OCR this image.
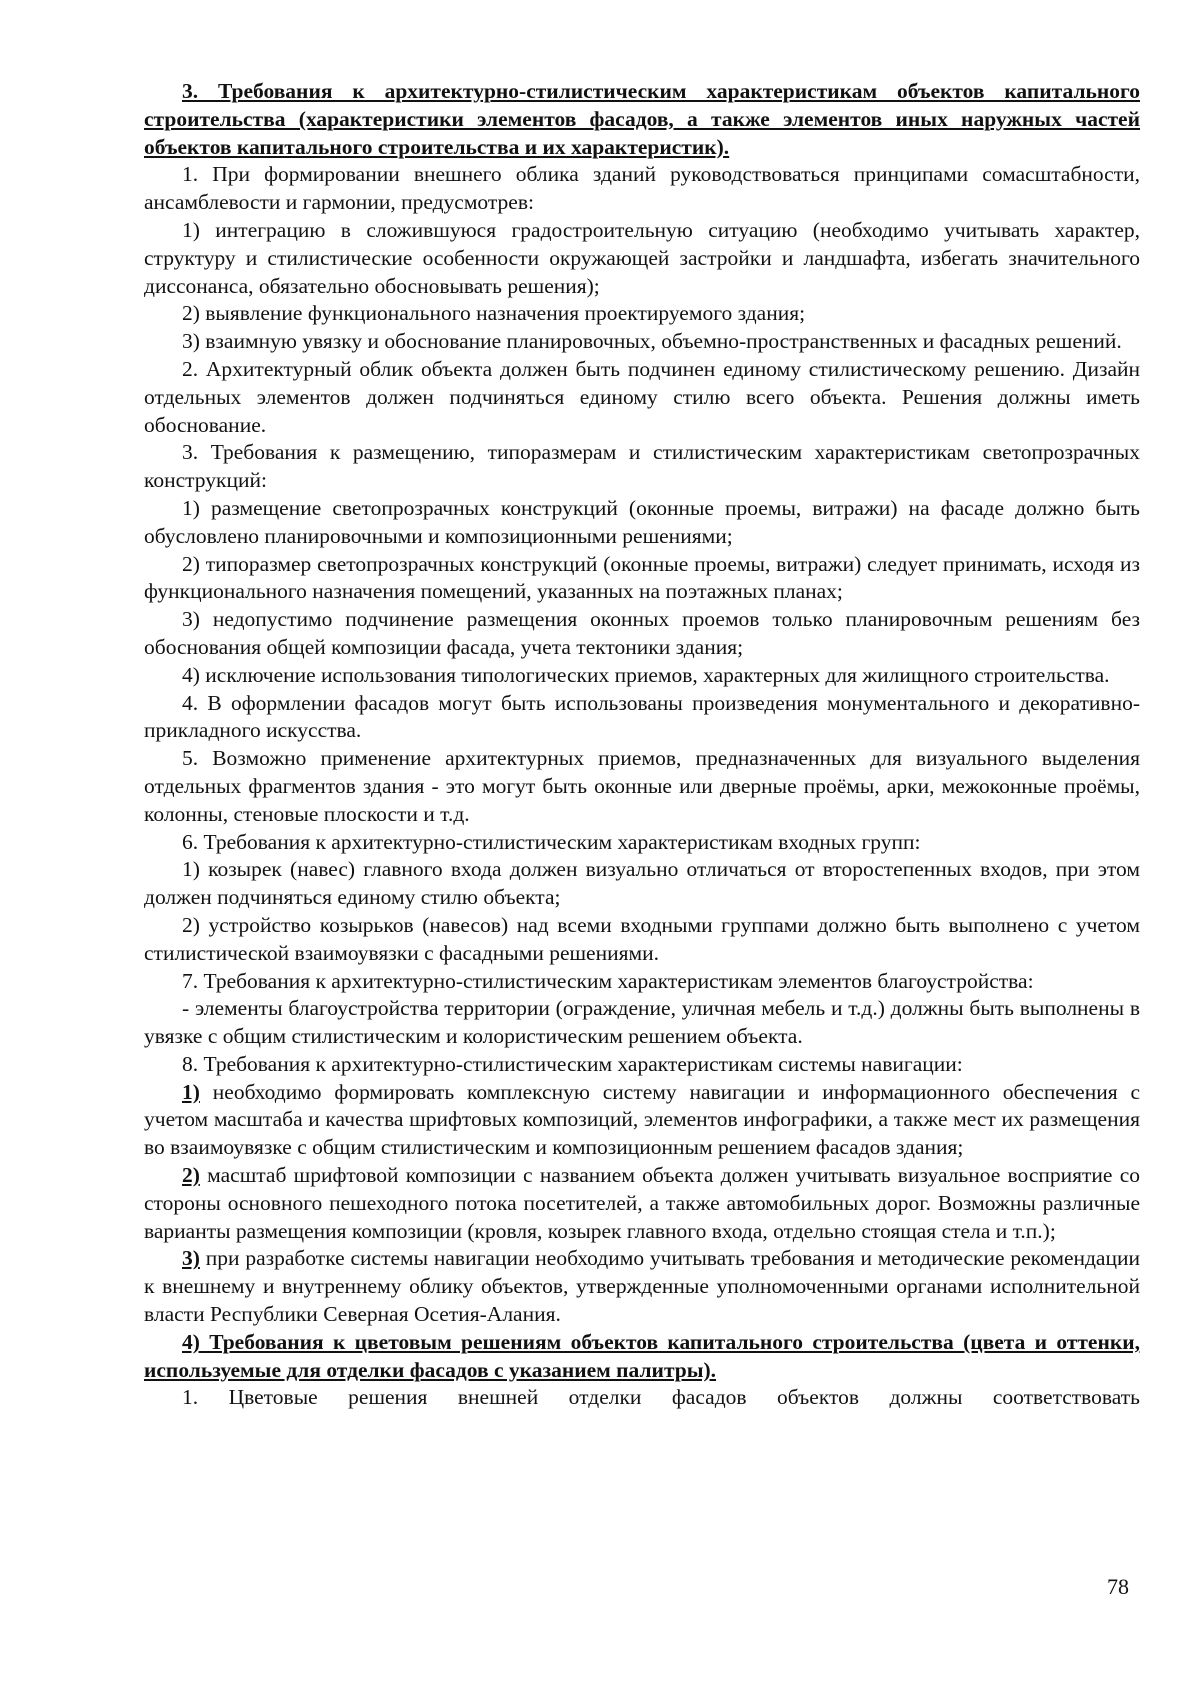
3. Требования к архитектурно-стилистическим характеристикам объектов капитального строительства (характеристики элементов фасадов, а также элементов иных наружных частей объектов капитального строительства и их характеристик).

1. При формировании внешнего облика зданий руководствоваться принципами сомасштабности, ансамблевости и гармонии, предусмотрев:

1) интеграцию в сложившуюся градостроительную ситуацию (необходимо учитывать характер, структуру и стилистические особенности окружающей застройки и ландшафта, избегать значительного диссонанса, обязательно обосновывать решения);

2) выявление функционального назначения проектируемого здания;

3) взаимную увязку и обоснование планировочных, объемно-пространственных и фасадных решений.

2. Архитектурный облик объекта должен быть подчинен единому стилистическому решению. Дизайн отдельных элементов должен подчиняться единому стилю всего объекта. Решения должны иметь обоснование.

3. Требования к размещению, типоразмерам и стилистическим характеристикам светопрозрачных конструкций:

1) размещение светопрозрачных конструкций (оконные проемы, витражи) на фасаде должно быть обусловлено планировочными и композиционными решениями;

2) типоразмер светопрозрачных конструкций (оконные проемы, витражи) следует принимать, исходя из функционального назначения помещений, указанных на поэтажных планах;

3) недопустимо подчинение размещения оконных проемов только планировочным решениям без обоснования общей композиции фасада, учета тектоники здания;

4) исключение использования типологических приемов, характерных для жилищного строительства.

4. В оформлении фасадов могут быть использованы произведения монументального и декоративно-прикладного искусства.

5. Возможно применение архитектурных приемов, предназначенных для визуального выделения отдельных фрагментов здания - это могут быть оконные или дверные проёмы, арки, межоконные проёмы, колонны, стеновые плоскости и т.д.

6. Требования к архитектурно-стилистическим характеристикам входных групп:

1) козырек (навес) главного входа должен визуально отличаться от второстепенных входов, при этом должен подчиняться единому стилю объекта;

2) устройство козырьков (навесов) над всеми входными группами должно быть выполнено с учетом стилистической взаимоувязки с фасадными решениями.

7. Требования к архитектурно-стилистическим характеристикам элементов благоустройства:

- элементы благоустройства территории (ограждение, уличная мебель и т.д.) должны быть выполнены в увязке с общим стилистическим и колористическим решением объекта.

8. Требования к архитектурно-стилистическим характеристикам системы навигации:

1) необходимо формировать комплексную систему навигации и информационного обеспечения с учетом масштаба и качества шрифтовых композиций, элементов инфографики, а также мест их размещения во взаимоувязке с общим стилистическим и композиционным решением фасадов здания;

2) масштаб шрифтовой композиции с названием объекта должен учитывать визуальное восприятие со стороны основного пешеходного потока посетителей, а также автомобильных дорог. Возможны различные варианты размещения композиции (кровля, козырек главного входа, отдельно стоящая стела и т.п.);

3) при разработке системы навигации необходимо учитывать требования и методические рекомендации к внешнему и внутреннему облику объектов, утвержденные уполномоченными органами исполнительной власти Республики Северная Осетия-Алания.

4) Требования к цветовым решениям объектов капитального строительства (цвета и оттенки, используемые для отделки фасадов с указанием палитры).

1. Цветовые решения внешней отделки фасадов объектов должны соответствовать

78
